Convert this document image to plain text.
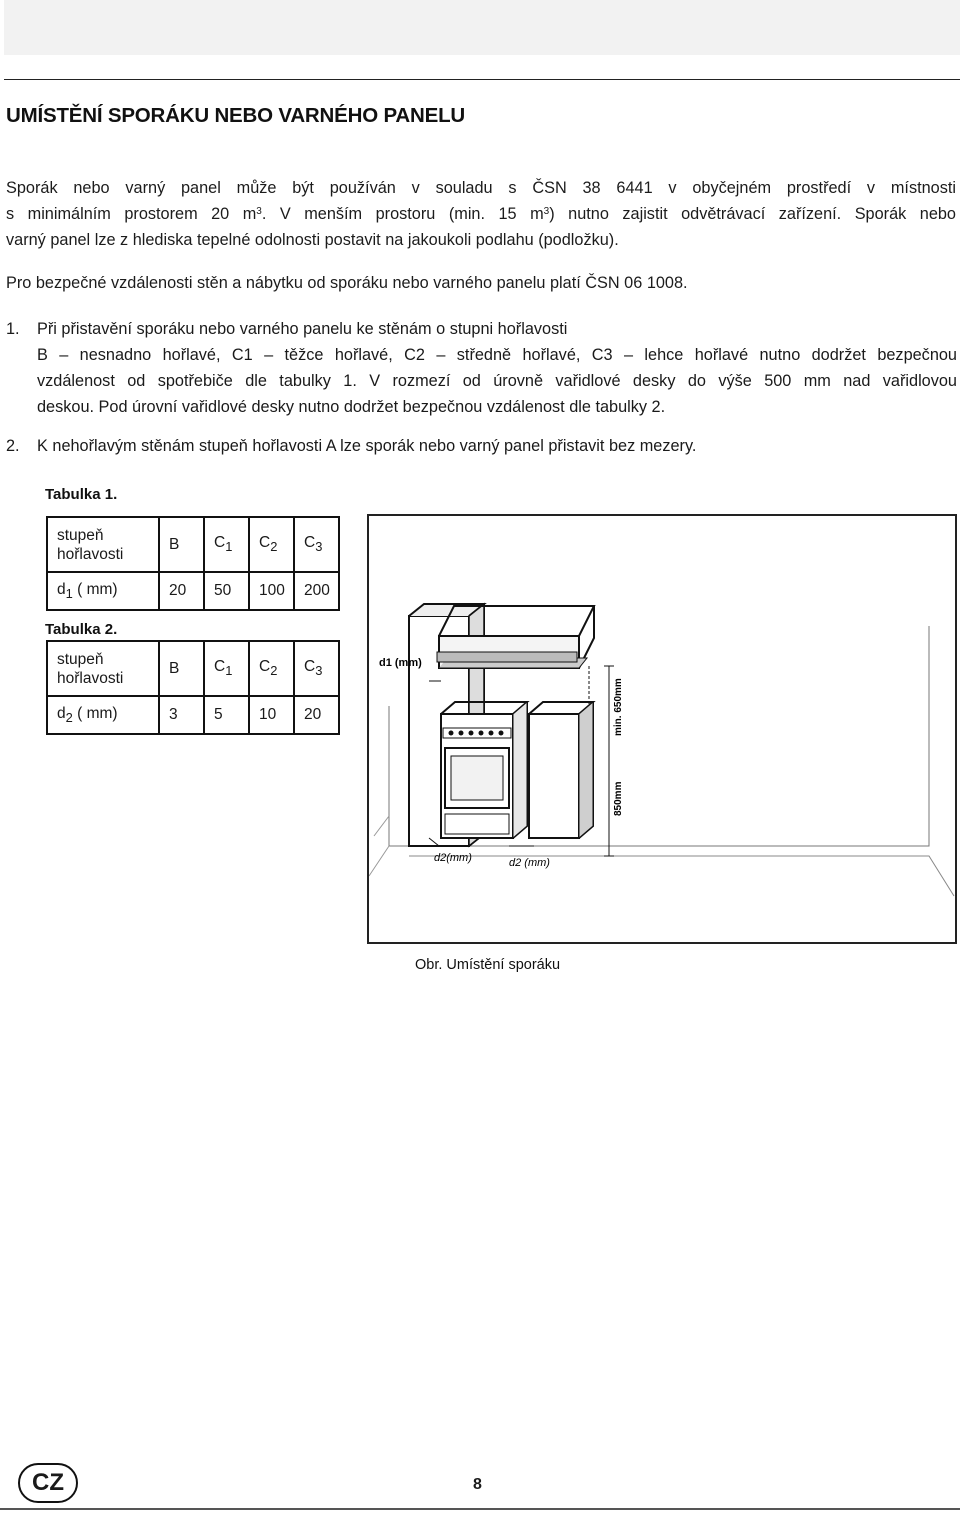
UMÍSTĚNÍ SPORÁKU NEBO VARNÉHO PANELU
Sporák nebo varný panel může být používán v souladu s ČSN 38 6441 v obyčejném prostředí v místnosti
s minimálním prostorem 20 $m^3$. V menším prostoru (min. 15 $m^3$) nutno zajistit odvětrávací zařízení. Sporák nebo
varný panel lze z hlediska tepelné odolnosti postavit na jakoukoli podlahu (podložku).
Pro bezpečné vzdálenosti stěn a nábytku od sporáku nebo varného panelu platí ČSN 06 1008.
1. Při přistavění sporáku nebo varného panelu ke stěnám o stupni hořlavosti
B – nesnadno hořlavé, C1 – těžce hořlavé, C2 – středně hořlavé, C3 – lehce hořlavé nutno dodržet bezpečnou
vzdálenost od spotřebiče dle tabulky 1. V rozmezí od úrovně vařidlové desky do výše 500 mm nad vařidlovou
deskou. Pod úrovní vařidlové desky nutno dodržet bezpečnou vzdálenost dle tabulky 2.
2. K nehořlavým stěnám stupeň hořlavosti A lze sporák nebo varný panel přistavit bez mezery.
Tabulka 1.
stupeň
hořlavosti	B	$C_1$	$C_2$	$C_3$
$d_1$ ( mm)	20	50	100	200
Tabulka 2.
stupeň
hořlavosti	B	$C_1$	$C_2$	$C_3$
$d_2$ ( mm)	3	5	10	20
d1 (mm)
d2(mm)	d2 (mm)
min. 650mm
850mm
Obr. Umístění sporáku
CZ	8
